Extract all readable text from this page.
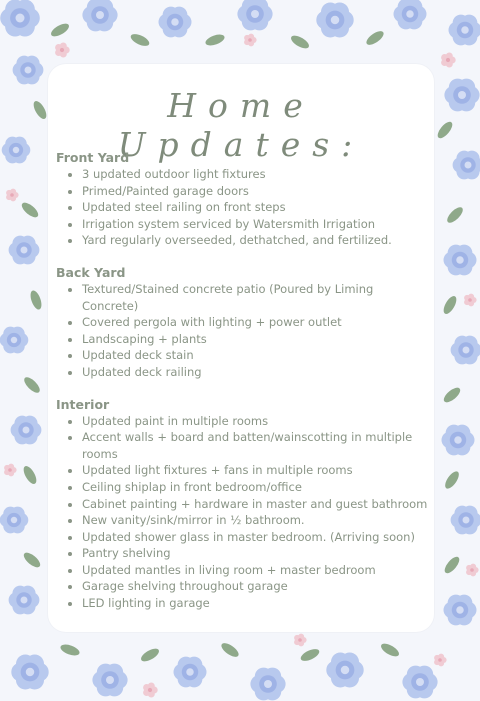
Home Updates:
Front Yard
• 3 updated outdoor light fixtures
• Primed/Painted garage doors
• Updated steel railing on front steps
• Irrigation system serviced by Watersmith Irrigation
• Yard regularly overseeded, dethatched, and fertilized.
Back Yard
• Textured/Stained concrete patio (Poured by Liming Concrete)
• Covered pergola with lighting + power outlet
• Landscaping + plants
• Updated deck stain
• Updated deck railing
Interior
• Updated paint in multiple rooms
• Accent walls + board and batten/wainscotting in multiple rooms
• Updated light fixtures + fans in multiple rooms
• Ceiling shiplap in front bedroom/office
• Cabinet painting + hardware in master and guest bathroom
• New vanity/sink/mirror in ½ bathroom.
• Updated shower glass in master bedroom. (Arriving soon)
• Pantry shelving
• Updated mantles in living room + master bedroom
• Garage shelving throughout garage
• LED lighting in garage
